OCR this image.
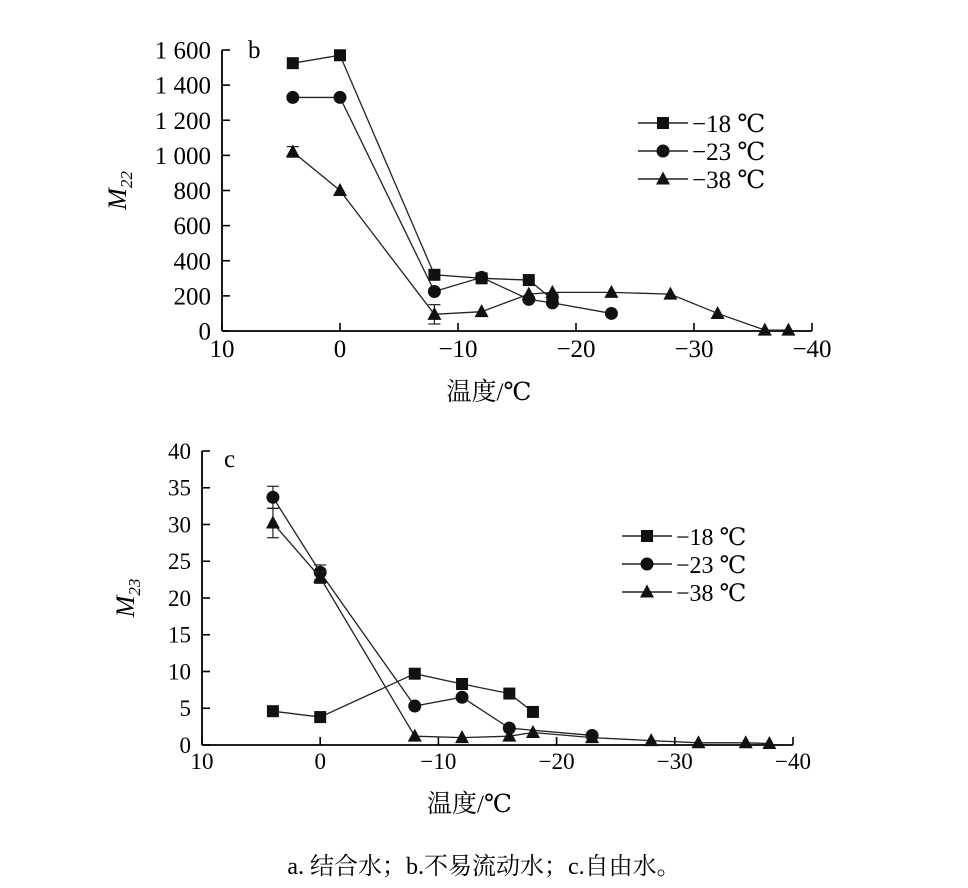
10	0	−10	−20	−30	−40
0
200
400
600
800
1 000
1 200
1 400
1 600
温度/℃
$M_{22}$
b
−18 ℃
−23 ℃
−38 ℃
10	0	−10	−20	−30	−40
0
5
10
15
20
25
30
35
40
温度/℃
$M_{23}$
c
−18 ℃
−23 ℃
−38 ℃
a. 结合水；b.不易流动水；c.自由水。
